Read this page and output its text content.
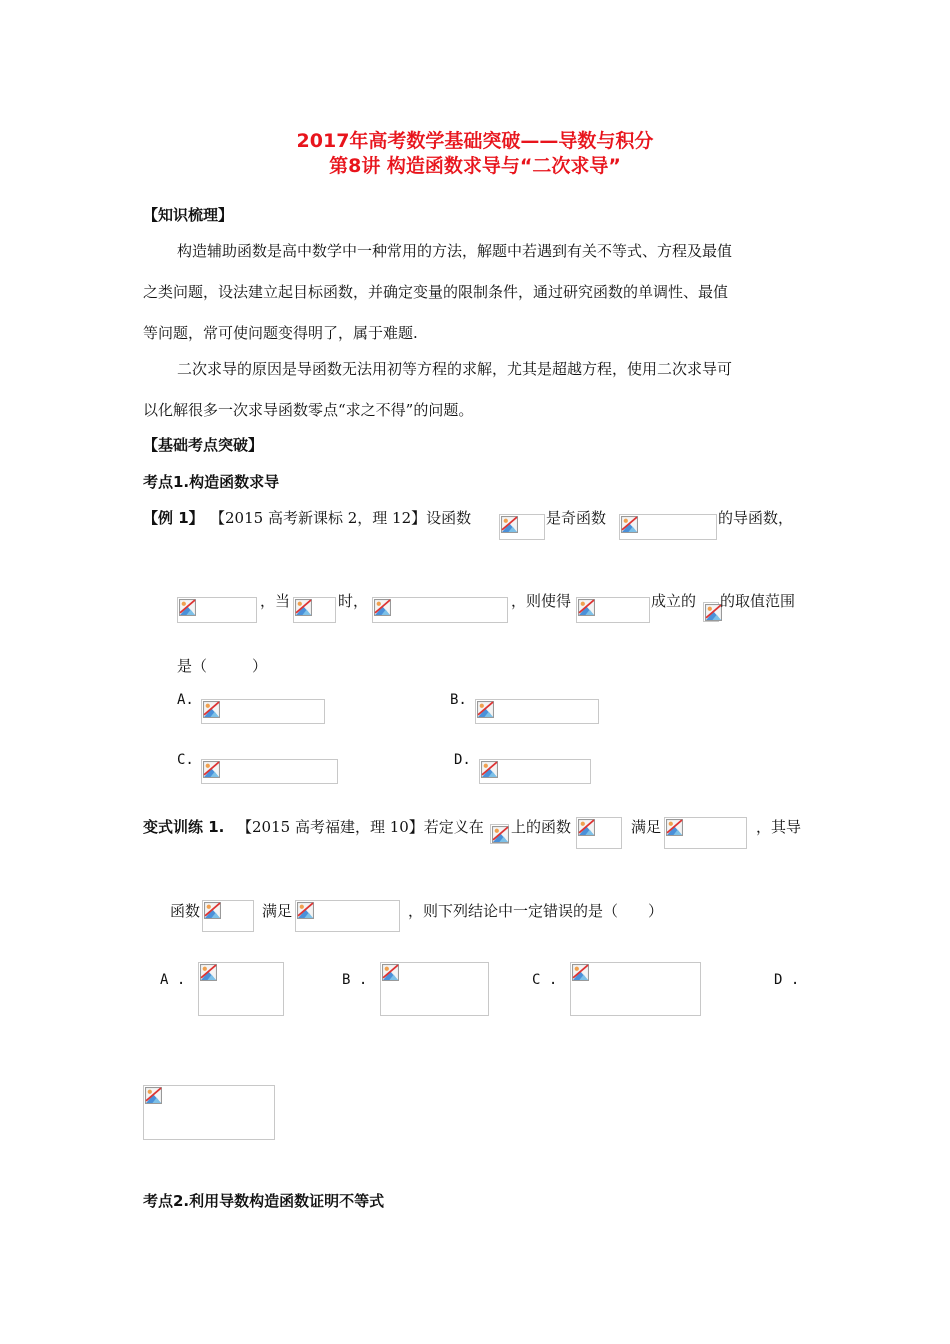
2017年高考数学基础突破——导数与积分
第8讲 构造函数求导与“二次求导”
【知识梳理】
构造辅助函数是高中数学中一种常用的方法，解题中若遇到有关不等式、方程及最值
之类问题，设法建立起目标函数，并确定变量的限制条件，通过研究函数的单调性、最值
等问题，常可使问题变得明了，属于难题.
二次求导的原因是导函数无法用初等方程的求解，尤其是超越方程，使用二次求导可
以化解很多一次求导函数零点“求之不得”的问题。
【基础考点突破】
考点1.构造函数求导
【例 1】 【2015 高考新课标 2，理 12】设函数	是奇函数	的导函数，
，当	时，	，则使得	成立的 的取值范围
是（　　　）
A.	B.
C.	D.
变式训练 1. 【2015 高考福建，理 10】若定义在 上的函数	满足	，其导
函数	满足	，则下列结论中一定错误的是（　　）
A .	B .	C .	D .
考点2.利用导数构造函数证明不等式
